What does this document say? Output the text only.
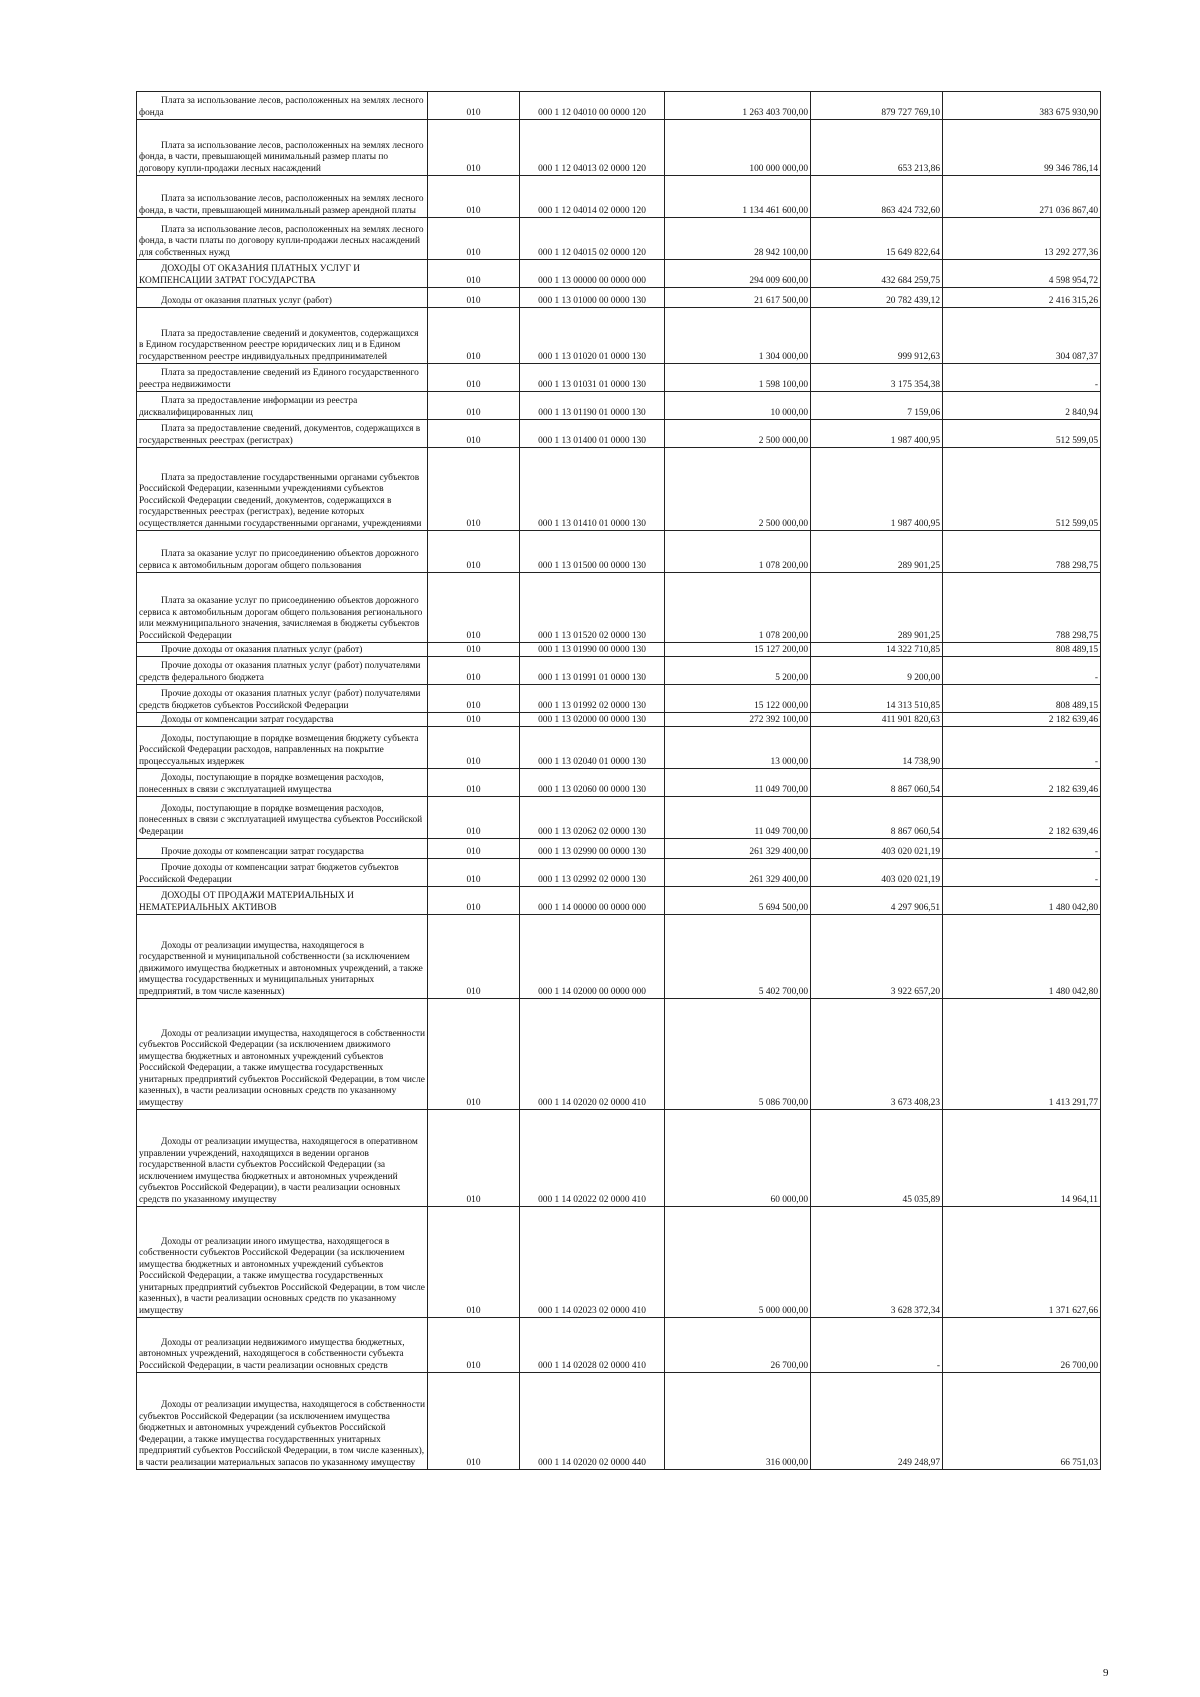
Плата за использование лесов, расположенных на землях лесного фонда	010	000 1 12 04010 00 0000 120	1 263 403 700,00	879 727 769,10	383 675 930,90
Плата за использование лесов, расположенных на землях лесного фонда, в части, превышающей минимальный размер платы по договору купли-продажи лесных насаждений	010	000 1 12 04013 02 0000 120	100 000 000,00	653 213,86	99 346 786,14
Плата за использование лесов, расположенных на землях лесного фонда, в части, превышающей минимальный размер арендной платы	010	000 1 12 04014 02 0000 120	1 134 461 600,00	863 424 732,60	271 036 867,40
Плата за использование лесов, расположенных на землях лесного фонда, в части платы по договору купли-продажи лесных насаждений для собственных нужд	010	000 1 12 04015 02 0000 120	28 942 100,00	15 649 822,64	13 292 277,36
ДОХОДЫ ОТ ОКАЗАНИЯ ПЛАТНЫХ УСЛУГ И КОМПЕНСАЦИИ ЗАТРАТ ГОСУДАРСТВА	010	000 1 13 00000 00 0000 000	294 009 600,00	432 684 259,75	4 598 954,72
Доходы от оказания платных услуг (работ)	010	000 1 13 01000 00 0000 130	21 617 500,00	20 782 439,12	2 416 315,26
Плата за предоставление сведений и документов, содержащихся в Едином государственном реестре юридических лиц и в Едином государственном реестре индивидуальных предпринимателей	010	000 1 13 01020 01 0000 130	1 304 000,00	999 912,63	304 087,37
Плата за предоставление сведений из Единого государственного реестра недвижимости	010	000 1 13 01031 01 0000 130	1 598 100,00	3 175 354,38	-
Плата за предоставление информации из реестра дисквалифицированных лиц	010	000 1 13 01190 01 0000 130	10 000,00	7 159,06	2 840,94
Плата за предоставление сведений, документов, содержащихся в государственных реестрах (регистрах)	010	000 1 13 01400 01 0000 130	2 500 000,00	1 987 400,95	512 599,05
Плата за предоставление государственными органами субъектов Российской Федерации, казенными учреждениями субъектов Российской Федерации сведений, документов, содержащихся в государственных реестрах (регистрах), ведение которых осуществляется данными государственными органами, учреждениями	010	000 1 13 01410 01 0000 130	2 500 000,00	1 987 400,95	512 599,05
Плата за оказание услуг по присоединению объектов дорожного сервиса к автомобильным дорогам общего пользования	010	000 1 13 01500 00 0000 130	1 078 200,00	289 901,25	788 298,75
Плата за оказание услуг по присоединению объектов дорожного сервиса к автомобильным дорогам общего пользования регионального или межмуниципального значения, зачисляемая в бюджеты субъектов Российской Федерации	010	000 1 13 01520 02 0000 130	1 078 200,00	289 901,25	788 298,75
Прочие доходы от оказания платных услуг (работ)	010	000 1 13 01990 00 0000 130	15 127 200,00	14 322 710,85	808 489,15
Прочие доходы от оказания платных услуг (работ) получателями средств федерального бюджета	010	000 1 13 01991 01 0000 130	5 200,00	9 200,00	-
Прочие доходы от оказания платных услуг (работ) получателями средств бюджетов субъектов Российской Федерации	010	000 1 13 01992 02 0000 130	15 122 000,00	14 313 510,85	808 489,15
Доходы от компенсации затрат государства	010	000 1 13 02000 00 0000 130	272 392 100,00	411 901 820,63	2 182 639,46
Доходы, поступающие в порядке возмещения бюджету субъекта Российской Федерации расходов, направленных на покрытие процессуальных издержек	010	000 1 13 02040 01 0000 130	13 000,00	14 738,90	-
Доходы, поступающие в порядке возмещения расходов, понесенных в связи с эксплуатацией имущества	010	000 1 13 02060 00 0000 130	11 049 700,00	8 867 060,54	2 182 639,46
Доходы, поступающие в порядке возмещения расходов, понесенных в связи с эксплуатацией имущества субъектов Российской Федерации	010	000 1 13 02062 02 0000 130	11 049 700,00	8 867 060,54	2 182 639,46
Прочие доходы от компенсации затрат государства	010	000 1 13 02990 00 0000 130	261 329 400,00	403 020 021,19	-
Прочие доходы от компенсации затрат бюджетов субъектов Российской Федерации	010	000 1 13 02992 02 0000 130	261 329 400,00	403 020 021,19	-
ДОХОДЫ ОТ ПРОДАЖИ МАТЕРИАЛЬНЫХ И НЕМАТЕРИАЛЬНЫХ АКТИВОВ	010	000 1 14 00000 00 0000 000	5 694 500,00	4 297 906,51	1 480 042,80
Доходы от реализации имущества, находящегося в государственной и муниципальной собственности (за исключением движимого имущества бюджетных и автономных учреждений, а также имущества государственных и муниципальных унитарных предприятий, в том числе казенных)	010	000 1 14 02000 00 0000 000	5 402 700,00	3 922 657,20	1 480 042,80
Доходы от реализации имущества, находящегося в собственности субъектов Российской Федерации (за исключением движимого имущества бюджетных и автономных учреждений субъектов Российской Федерации, а также имущества государственных унитарных предприятий субъектов Российской Федерации, в том числе казенных), в части реализации основных средств по указанному имуществу	010	000 1 14 02020 02 0000 410	5 086 700,00	3 673 408,23	1 413 291,77
Доходы от реализации имущества, находящегося в оперативном управлении учреждений, находящихся в ведении органов государственной власти субъектов Российской Федерации (за исключением имущества бюджетных и автономных учреждений субъектов Российской Федерации), в части реализации основных средств по указанному имуществу	010	000 1 14 02022 02 0000 410	60 000,00	45 035,89	14 964,11
Доходы от реализации иного имущества, находящегося в собственности субъектов Российской Федерации (за исключением имущества бюджетных и автономных учреждений субъектов Российской Федерации, а также имущества государственных унитарных предприятий субъектов Российской Федерации, в том числе казенных), в части реализации основных средств по указанному имуществу	010	000 1 14 02023 02 0000 410	5 000 000,00	3 628 372,34	1 371 627,66
Доходы от реализации недвижимого имущества бюджетных, автономных учреждений, находящегося в собственности субъекта Российской Федерации, в части реализации основных средств	010	000 1 14 02028 02 0000 410	26 700,00	-	26 700,00
Доходы от реализации имущества, находящегося в собственности субъектов Российской Федерации (за исключением имущества бюджетных и автономных учреждений субъектов Российской Федерации, а также имущества государственных унитарных предприятий субъектов Российской Федерации, в том числе казенных), в части реализации материальных запасов по указанному имуществу	010	000 1 14 02020 02 0000 440	316 000,00	249 248,97	66 751,03
9
